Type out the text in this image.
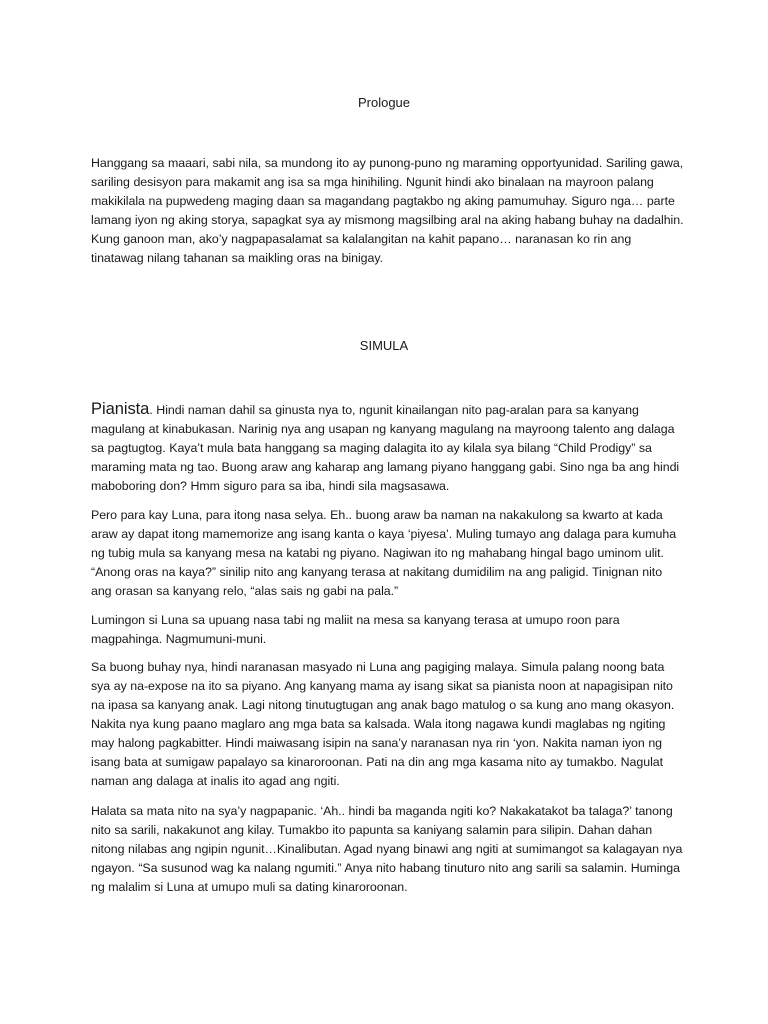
Prologue

Hanggang sa maaari, sabi nila, sa mundong ito ay punong-puno ng maraming opportyunidad. Sariling gawa, sariling desisyon para makamit ang isa sa mga hinihiling. Ngunit hindi ako binalaan na mayroon palang makikilala na pupwedeng maging daan sa magandang pagtakbo ng aking pamumuhay. Siguro nga… parte lamang iyon ng aking storya, sapagkat sya ay mismong magsilbing aral na aking habang buhay na dadalhin. Kung ganoon man, ako’y nagpapasalamat sa kalalangitan na kahit papano… naranasan ko rin ang tinatawag nilang tahanan sa maikling oras na binigay.

SIMULA

Pianista. Hindi naman dahil sa ginusta nya to, ngunit kinailangan nito pag-aralan para sa kanyang magulang at kinabukasan. Narinig nya ang usapan ng kanyang magulang na mayroong talento ang dalaga sa pagtugtog. Kaya’t mula bata hanggang sa maging dalagita ito ay kilala sya bilang “Child Prodigy” sa maraming mata ng tao. Buong araw ang kaharap ang lamang piyano hanggang gabi. Sino nga ba ang hindi maboboring don? Hmm siguro para sa iba, hindi sila magsasawa.

Pero para kay Luna, para itong nasa selya. Eh.. buong araw ba naman na nakakulong sa kwarto at kada araw ay dapat itong mamemorize ang isang kanta o kaya ‘piyesa’. Muling tumayo ang dalaga para kumuha ng tubig mula sa kanyang mesa na katabi ng piyano. Nagiwan ito ng mahabang hingal bago uminom ulit. “Anong oras na kaya?” sinilip nito ang kanyang terasa at nakitang dumidilim na ang paligid. Tinignan nito ang orasan sa kanyang relo, “alas sais ng gabi na pala.”

Lumingon si Luna sa upuang nasa tabi ng maliit na mesa sa kanyang terasa at umupo roon para magpahinga. Nagmumuni-muni.

Sa buong buhay nya, hindi naranasan masyado ni Luna ang pagiging malaya. Simula palang noong bata sya ay na-expose na ito sa piyano. Ang kanyang mama ay isang sikat sa pianista noon at napagisipan nito na ipasa sa kanyang anak. Lagi nitong tinutugtugan ang anak bago matulog o sa kung ano mang okasyon. Nakita nya kung paano maglaro ang mga bata sa kalsada. Wala itong nagawa kundi maglabas ng ngiting may halong pagkabitter. Hindi maiwasang isipin na sana’y naranasan nya rin ‘yon. Nakita naman iyon ng isang bata at sumigaw papalayo sa kinaroroonan. Pati na din ang mga kasama nito ay tumakbo. Nagulat naman ang dalaga at inalis ito agad ang ngiti.

Halata sa mata nito na sya’y nagpapanic. ‘Ah.. hindi ba maganda ngiti ko? Nakakatakot ba talaga?’ tanong nito sa sarili, nakakunot ang kilay. Tumakbo ito papunta sa kaniyang salamin para silipin. Dahan dahan nitong nilabas ang ngipin ngunit…Kinalibutan. Agad nyang binawi ang ngiti at sumimangot sa kalagayan nya ngayon. “Sa susunod wag ka nalang ngumiti.” Anya nito habang tinuturo nito ang sarili sa salamin. Huminga ng malalim si Luna at umupo muli sa dating kinaroroonan.
